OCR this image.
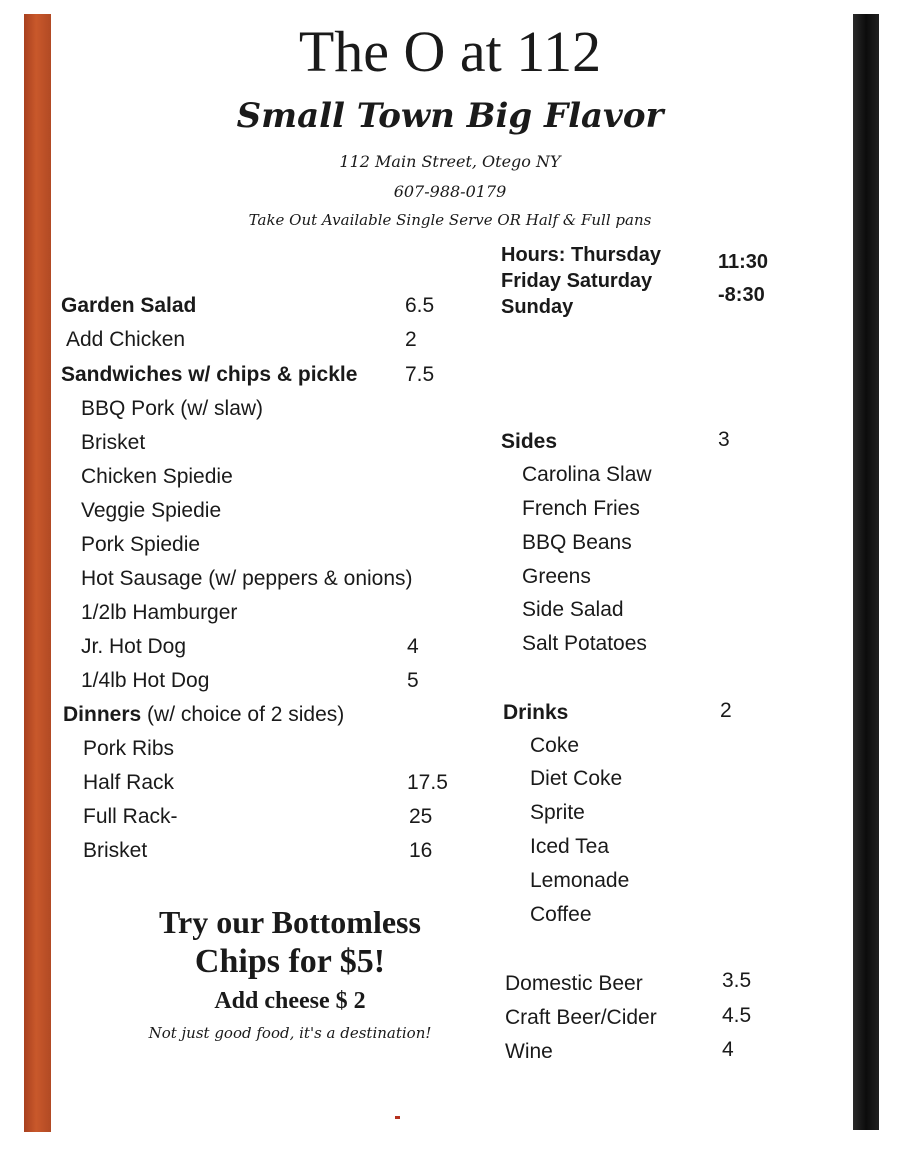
The O at 112
Small Town Big Flavor
112 Main Street, Otego NY
607-988-0179
Take Out Available Single Serve OR Half & Full pans
Hours: Thursday
Friday Saturday
Sunday
11:30
-8:30
Garden Salad	6.5
Add Chicken	2
Sandwiches w/ chips & pickle 7.5
BBQ Pork (w/ slaw)
Brisket
Chicken Spiedie
Veggie Spiedie
Pork Spiedie
Hot Sausage (w/ peppers & onions)
1/2lb Hamburger
Jr. Hot Dog	4
1/4lb Hot Dog	5
Dinners (w/ choice of 2 sides)
Pork Ribs
Half Rack	17.5
Full Rack-	25
Brisket	16
Sides	3
Carolina Slaw
French Fries
BBQ Beans
Greens
Side Salad
Salt Potatoes
Drinks	2
Coke
Diet Coke
Sprite
Iced Tea
Lemonade
Coffee
Domestic Beer	3.5
Craft Beer/Cider	4.5
Wine	4
Try our Bottomless
Chips for $5!
Add cheese $ 2
Not just good food, it's a destination!
